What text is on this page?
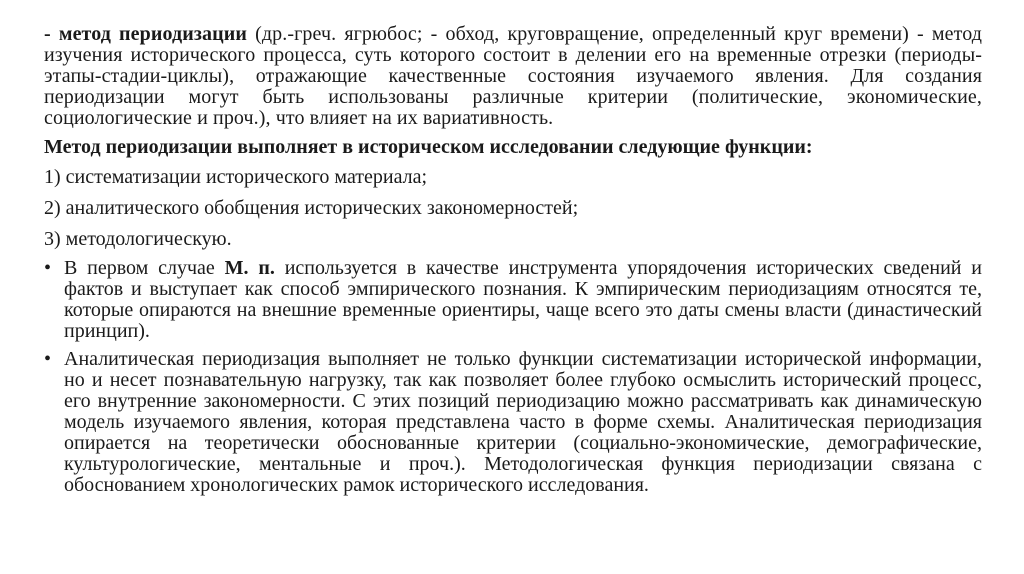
- метод периодизации (др.-греч. ягрюбос; - обход, круговращение, определенный круг времени) - метод изучения исторического процесса, суть которого состоит в делении его на временные отрезки (периоды-этапы-стадии-циклы), отражающие качественные состояния изучаемого явления. Для создания периодизации могут быть использованы различные критерии (политические, экономические, социологические и проч.), что влияет на их вариативность.

Метод периодизации выполняет в историческом исследовании следующие функции:

1) систематизации исторического материала;

2) аналитического обобщения исторических закономерностей;

3) методологическую.

• В первом случае М. п. используется в качестве инструмента упорядочения исторических сведений и фактов и выступает как способ эмпирического познания. К эмпирическим периодизациям относятся те, которые опираются на внешние временные ориентиры, чаще всего это даты смены власти (династический принцип).
• Аналитическая периодизация выполняет не только функции систематизации исторической информации, но и несет познавательную нагрузку, так как позволяет более глубоко осмыслить исторический процесс, его внутренние закономерности. С этих позиций периодизацию можно рассматривать как динамическую модель изучаемого явления, которая представлена часто в форме схемы. Аналитическая периодизация опирается на теоретически обоснованные критерии (социально-экономические, демографические, культурологические, ментальные и проч.). Методологическая функция периодизации связана с обоснованием хронологических рамок исторического исследования.
